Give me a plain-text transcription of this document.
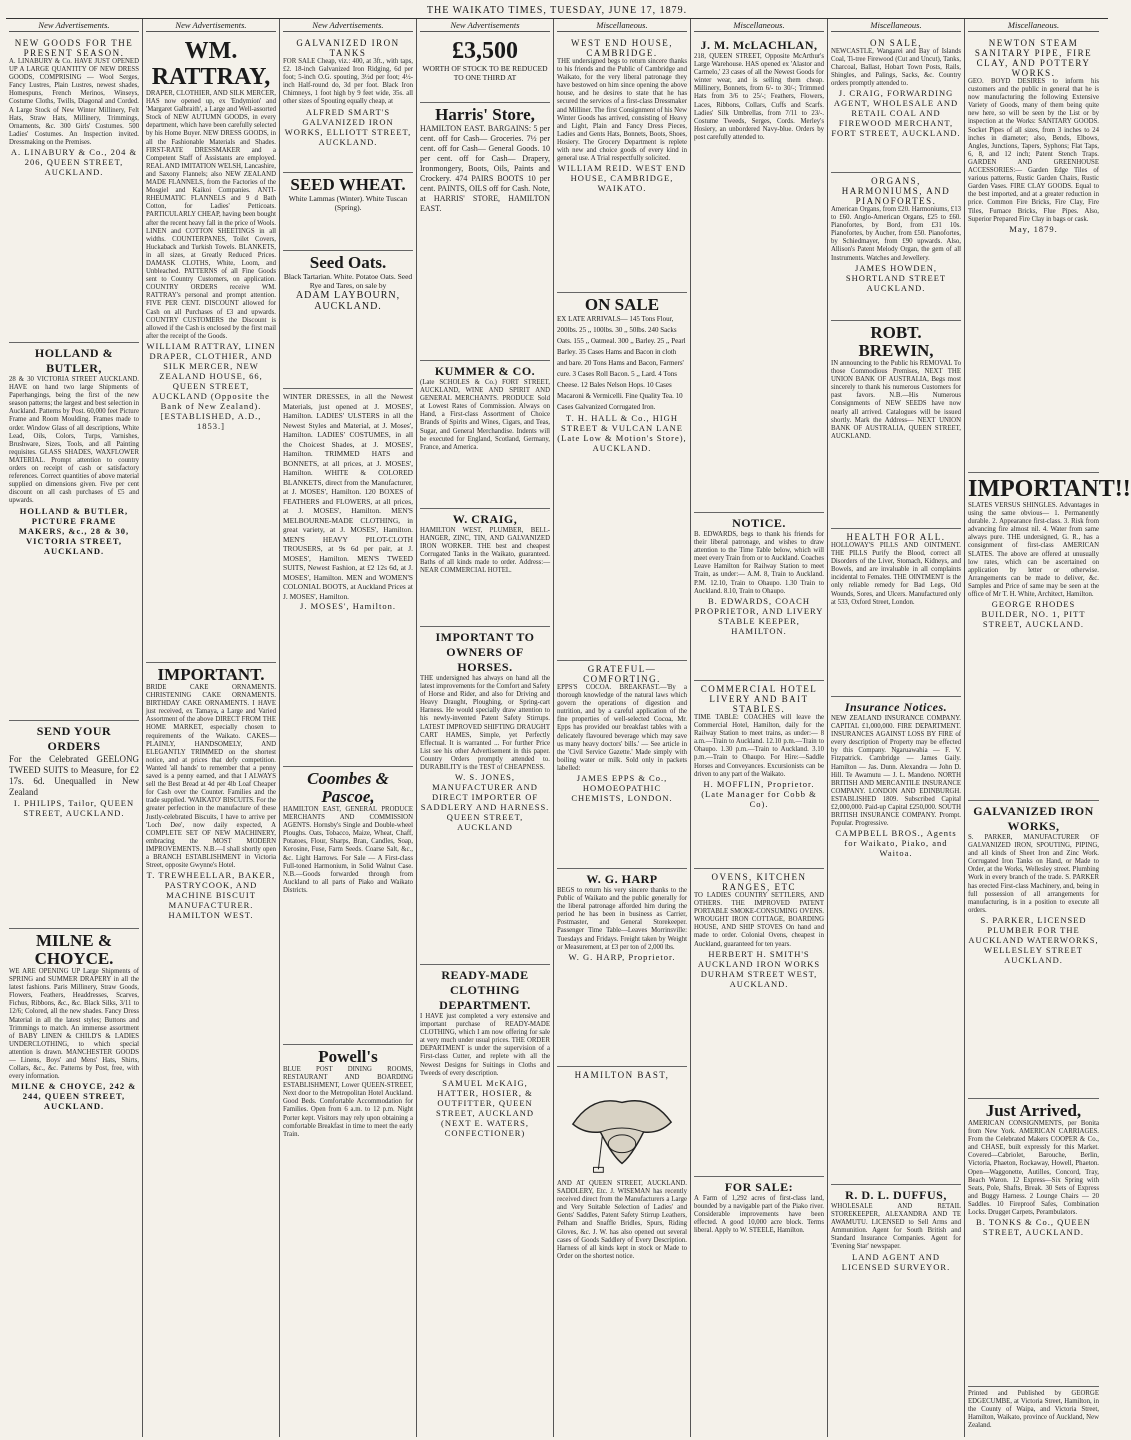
THE WAIKATO TIMES, TUESDAY, JUNE 17, 1879.
New Advertisements.
NEW GOODS FOR THE PRESENT SEASON.
A. LINABURY & Co. HAVE JUST OPENED UP A LARGE QUANTITY OF NEW DRESS GOODS, COMPRISING — Wool Serges, Fancy Lustres, Plain Lustres, newest shades, Homespuns, French Merinos, Winseys, Costume Cloths, Twills, Diagonal and Corded. A Large Stock of New Winter Millinery, Felt Hats, Straw Hats, Millinery, Trimmings, Ornaments, &c. 300 Girls' Costumes. 500 Ladies' Costumes. An Inspection invited. Dressmaking on the Premises.
A. LINABURY & Co., 204 & 206, QUEEN STREET, AUCKLAND.
HOLLAND & BUTLER,
28 & 30 VICTORIA STREET AUCKLAND. HAVE on hand two large Shipments of Paperhangings, being the first of the new season patterns; the largest and best selection in Auckland. Patterns by Post. 60,000 feet Picture Frame and Room Moulding. Frames made to order. Window Glass of all descriptions, White Lead, Oils, Colors, Turps, Varnishes, Brushware, Sizes, Tools, and all Painting requisites. GLASS SHADES, WAXFLOWER MATERIAL. Prompt attention to country orders on receipt of cash or satisfactory references. Correct quantities of above material supplied on dimensions given. Five per cent discount on all cash purchases of £5 and upwards.
HOLLAND & BUTLER, PICTURE FRAME MAKERS, &c., 28 & 30, VICTORIA STREET, AUCKLAND.
SEND YOUR ORDERS
For the Celebrated GEELONG TWEED SUITS to Measure, for £2 17s. 6d. Unequalled in New Zealand
I. PHILIPS, Tailor, QUEEN STREET, AUCKLAND.
MILNE & CHOYCE.
WE ARE OPENING UP Large Shipments of SPRING and SUMMER DRAPERY in all the latest fashions. Paris Millinery, Straw Goods, Flowers, Feathers, Headdresses, Scarves, Fichus, Ribbons, &c., &c. Black Silks, 3/11 to 12/6; Colored, all the new shades. Fancy Dress Material in all the latest styles; Buttons and Trimmings to match. An immense assortment of BABY LINEN & CHILD'S & LADIES UNDERCLOTHING, to which special attention is drawn. MANCHESTER GOODS— Linens, Boys' and Mens' Hats, Shirts, Collars, &c., &c. Patterns by Post, free, with every information.
MILNE & CHOYCE, 242 & 244, QUEEN STREET, AUCKLAND.
New Advertisements.
WM. RATTRAY,
DRAPER, CLOTHIER, AND SILK MERCER, HAS now opened up, ex 'Endymion' and 'Margaret Galbraith', a Large and Well-assorted Stock of NEW AUTUMN GOODS, in every department, which have been carefully selected by his Home Buyer. NEW DRESS GOODS, in all the Fashionable Materials and Shades. FIRST-RATE DRESSMAKER and a Competent Staff of Assistants are employed. REAL AND IMITATION WELSH, Lancashire, and Saxony Flannels; also NEW ZEALAND MADE FLANNELS, from the Factories of the Mosgiel and Kaikoi Companies. ANTI-RHEUMATIC FLANNELS and 9 d Bath Cotton, for Ladies' Petticoats. PARTICULARLY CHEAP, having been bought after the recent heavy fall in the price of Wools. LINEN and COTTON SHEETINGS in all widths. COUNTERPANES, Toilet Covers, Huckaback and Turkish Towels. BLANKETS, in all sizes, at Greatly Reduced Prices. DAMASK CLOTHS, White, Loom, and Unbleached. PATTERNS of all Fine Goods sent to Country Customers, on application. COUNTRY ORDERS receive WM. RATTRAY's personal and prompt attention. FIVE PER CENT. DISCOUNT allowed for Cash on all Purchases of £3 and upwards. COUNTRY CUSTOMERS the Discount is allowed if the Cash is enclosed by the first mail after the receipt of the Goods.
WILLIAM RATTRAY, LINEN DRAPER, CLOTHIER, AND SILK MERCER, NEW ZEALAND HOUSE, 66, QUEEN STREET, AUCKLAND (Opposite the Bank of New Zealand). [ESTABLISHED, A.D., 1853.]
IMPORTANT.
BRIDE CAKE ORNAMENTS. CHRISTENING CAKE ORNAMENTS. BIRTHDAY CAKE ORNAMENTS. I HAVE just received, ex Tamaya, a Large and Varied Assortment of the above DIRECT FROM THE HOME MARKET, especially chosen to requirements of the Waikato. CAKES—PLAINLY, HANDSOMELY, AND ELEGANTLY TRIMMED on the shortest notice, and at prices that defy competition. Wanted 'all hands' to remember that a penny saved is a penny earned, and that I ALWAYS sell the Best Bread at 4d per 4lb Loaf Cheaper for Cash over the Counter. Families and the trade supplied. 'WAIKATO' BISCUITS. For the greater perfection in the manufacture of these Justly-celebrated Biscuits, I have to arrive per 'Loch Dee', now daily expected, A COMPLETE SET OF NEW MACHINERY, embracing the MOST MODERN IMPROVEMENTS. N.B.—I shall shortly open a BRANCH ESTABLISHMENT in Victoria Street, opposite Gwynne's Hotel.
T. TREWHEELLAR, BAKER, PASTRYCOOK, AND MACHINE BISCUIT MANUFACTURER. HAMILTON WEST.
New Advertisements.
GALVANIZED IRON TANKS
FOR SALE Cheap, viz.: 400, at 3ft., with taps, £2. 18-inch Galvanized Iron Ridging, 6d per foot; 5-inch O.G. spouting, 3½d per foot; 4½-inch Half-round do, 3d per foot. Black Iron Chimneys, 1 foot high by 9 feet wide, 35s. all other sizes of Spouting equally cheap, at
ALFRED SMART'S GALVANIZED IRON WORKS, ELLIOTT STREET, AUCKLAND.
SEED WHEAT.
White Lammas (Winter). White Tuscan (Spring).
Seed Oats.
Black Tartarian. White. Potatoe Oats. Seed Rye and Tares, on sale by
ADAM LAYBOURN, AUCKLAND.
WINTER DRESSES, in all the Newest Materials, just opened at J. MOSES', Hamilton. LADIES' ULSTERS in all the Newest Styles and Material, at J. Moses', Hamilton. LADIES' COSTUMES, in all the Choicest Shades, at J. MOSES', Hamilton. TRIMMED HATS and BONNETS, at all prices, at J. MOSES', Hamilton. WHITE & COLORED BLANKETS, direct from the Manufacturer, at J. MOSES', Hamilton. 120 BOXES of FEATHERS and FLOWERS, at all prices, at J. MOSES', Hamilton. MEN'S MELBOURNE-MADE CLOTHING, in great variety, at J. MOSES', Hamilton. MEN'S HEAVY PILOT-CLOTH TROUSERS, at 9s 6d per pair, at J. MOSES', Hamilton. MEN'S TWEED SUITS, Newest Fashion, at £2 12s 6d, at J. MOSES', Hamilton. MEN and WOMEN'S COLONIAL BOOTS, at Auckland Prices at J. MOSES', Hamilton.
J. MOSES', Hamilton.
Coombes & Pascoe,
HAMILTON EAST, GENERAL PRODUCE MERCHANTS AND COMMISSION AGENTS. Hornsby's Single and Double-wheel Ploughs. Oats, Tobacco, Maize, Wheat, Chaff, Potatoes, Flour, Sharps, Bran, Candles, Soap, Kerosine, Fuse, Farm Seeds. Coarse Salt, &c., &c. Light Harrows. For Sale — A First-class Full-toned Harmonium, in Solid Walnut Case. N.B.—Goods forwarded through from Auckland to all parts of Piako and Waikato Districts.
Powell's
BLUE POST DINING ROOMS, RESTAURANT AND BOARDING ESTABLISHMENT, Lower QUEEN-STREET, Next door to the Metropolitan Hotel Auckland. Good Beds. Comfortable Accommodation for Families. Open from 6 a.m. to 12 p.m. Night Porter kept. Visitors may rely upon obtaining a comfortable Breakfast in time to meet the early Train.
New Advertisements
£3,500
WORTH OF STOCK TO BE REDUCED TO ONE THIRD AT
Harris' Store,
HAMILTON EAST. BARGAINS: 5 per cent. off for Cash— Groceries. 7½ per cent. off for Cash— General Goods. 10 per cent. off for Cash— Drapery, Ironmongery, Boots, Oils, Paints and Crockery. 474 PAIRS BOOTS 10 per cent. PAINTS, OILS off for Cash. Note, at HARRIS' STORE, HAMILTON EAST.
KUMMER & CO.
(Late SCHOLES & Co.) FORT STREET, AUCKLAND, WINE AND SPIRIT AND GENERAL MERCHANTS. PRODUCE Sold at Lowest Rates of Commission. Always on Hand, a First-class Assortment of Choice Brands of Spirits and Wines, Cigars, and Teas, Sugar, and General Merchandise. Indents will be executed for England, Scotland, Germany, France, and America.
W. CRAIG,
HAMILTON WEST, PLUMBER, BELL-HANGER, ZINC, TIN, AND GALVANIZED IRON WORKER. THE best and cheapest Corrugated Tanks in the Waikato, guaranteed. Baths of all kinds made to order. Address:—NEAR COMMERCIAL HOTEL.
IMPORTANT TO OWNERS OF HORSES.
THE undersigned has always on hand all the latest improvements for the Comfort and Safety of Horse and Rider, and also for Driving and Heavy Draught, Ploughing, or Spring-cart Harness. He would specially draw attention to his newly-invented Patent Safety Stirrups. LATEST IMPROVED SHIFTING DRAUGHT CART HAMES, Simple, yet Perfectly Effectual. It is warranted ... For further Price List see his other Advertisement in this paper. Country Orders promptly attended to. DURABILITY is the TEST of CHEAPNESS.
W. S. JONES, MANUFACTURER AND DIRECT IMPORTER OF SADDLERY AND HARNESS. QUEEN STREET, AUCKLAND
READY-MADE CLOTHING DEPARTMENT.
I HAVE just completed a very extensive and important purchase of READY-MADE CLOTHING, which I am now offering for sale at very much under usual prices. THE ORDER DEPARTMENT is under the supervision of a First-class Cutter, and replete with all the Newest Designs for Suitings in Cloths and Tweeds of every description.
SAMUEL McKAIG, HATTER, HOSIER, & OUTFITTER, QUEEN STREET, AUCKLAND (NEXT E. WATERS, CONFECTIONER)
Miscellaneous.
WEST END HOUSE, CAMBRIDGE.
THE undersigned begs to return sincere thanks to his friends and the Public of Cambridge and Waikato, for the very liberal patronage they have bestowed on him since opening the above house, and he desires to state that he has secured the services of a first-class Dressmaker and Milliner. The first Consignment of his New Winter Goods has arrived, consisting of Heavy and Light, Plain and Fancy Dress Pieces, Ladies and Gents Hats, Bonnets, Boots, Shoes, Hosiery. The Grocery Department is replete with new and choice goods of every kind in general use. A Trial respectfully solicited.
WILLIAM REID. WEST END HOUSE, CAMBRIDGE, WAIKATO.
ON SALE
EX LATE ARRIVALS— 145 Tons Flour, 200lbs. 25 ,, 100lbs. 30 ,, 50lbs. 240 Sacks Oats. 155 ,, Oatmeal. 300 ,, Barley. 25 ,, Pearl Barley. 35 Cases Hams and Bacon in cloth and bare. 20 Tons Hams and Bacon, Farmers' cure. 3 Cases Roll Bacon. 5 ,, Lard. 4 Tons Cheese. 12 Bales Nelson Hops. 10 Cases Macaroni & Vermicelli. Fine Quality Tea. 10 Cases Galvanized Corrugated Iron.
T. H. HALL & Co., HIGH STREET & VULCAN LANE (Late Low & Motion's Store), AUCKLAND.
GRATEFUL—COMFORTING.
EPPS'S COCOA. BREAKFAST.—'By a thorough knowledge of the natural laws which govern the operations of digestion and nutrition, and by a careful application of the fine properties of well-selected Cocoa, Mr. Epps has provided our breakfast tables with a delicately flavoured beverage which may save us many heavy doctors' bills.' — See article in the 'Civil Service Gazette.' Made simply with boiling water or milk. Sold only in packets labelled:
JAMES EPPS & Co., HOMOEOPATHIC CHEMISTS, LONDON.
W. G. HARP
BEGS to return his very sincere thanks to the Public of Waikato and the public generally for the liberal patronage afforded him during the period he has been in business as Carrier, Postmaster, and General Storekeeper. Passenger Time Table—Leaves Morrinsville: Tuesdays and Fridays. Freight taken by Weight or Measurement, at £3 per ton of 2,000 lbs.
W. G. HARP, Proprietor.
HAMILTON BAST,
AND AT QUEEN STREET, AUCKLAND. SADDLERY, Etc. J. WISEMAN has recently received direct from the Manufacturers a Large and Very Suitable Selection of Ladies' and Gents' Saddles, Patent Safety Stirrup Leathers, Pelham and Snaffle Bridles, Spurs, Riding Gloves, &c. J. W. has also opened out several cases of Goods Saddlery of Every Description. Harness of all kinds kept in stock or Made to Order on the shortest notice.
Miscellaneous.
J. M. McLACHLAN,
218, QUEEN STREET, Opposite McArthur's Large Warehouse. HAS opened ex 'Alastor and Carmelo,' 23 cases of all the Newest Goods for winter wear, and is selling them cheap. Millinery, Bonnets, from 6/- to 30/-; Trimmed Hats from 3/6 to 25/-; Feathers, Flowers, Laces, Ribbons, Collars, Cuffs and Scarfs. Ladies' Silk Umbrellas, from 7/11 to 23/-. Costume Tweeds, Serges, Cords. Merley's Hosiery, an unbordered Navy-blue. Orders by post carefully attended to.

NOTICE.
B. EDWARDS, begs to thank his friends for their liberal patronage, and wishes to draw attention to the Time Table below, which will meet every Train from or to Auckland. Coaches Leave Hamilton for Railway Station to meet Train, as under:— A.M. 8, Train to Auckland. P.M. 12.10, Train to Ohaupo. 1.30 Train to Auckland. 8.10, Train to Ohaupo.
B. EDWARDS, COACH PROPRIETOR, AND LIVERY STABLE KEEPER, HAMILTON.
COMMERCIAL HOTEL LIVERY AND BAIT STABLES.
TIME TABLE: COACHES will leave the Commercial Hotel, Hamilton, daily for the Railway Station to meet trains, as under:— 8 a.m.—Train to Auckland. 12.10 p.m.—Train to Ohaupo. 1.30 p.m.—Train to Auckland. 3.10 p.m.—Train to Ohaupo. For Hire:—Saddle Horses and Conveyances. Excursionists can be driven to any part of the Waikato.
H. MOFFLIN, Proprietor. (Late Manager for Cobb & Co).
OVENS, KITCHEN RANGES, ETC
TO LADIES COUNTRY SETTLERS, AND OTHERS. THE IMPROVED PATENT PORTABLE SMOKE-CONSUMING OVENS. WROUGHT IRON COTTAGE, BOARDING HOUSE, AND SHIP STOVES On hand and made to order. Colonial Ovens, cheapest in Auckland, guaranteed for ten years.
HERBERT H. SMITH'S AUCKLAND IRON WORKS DURHAM STREET WEST, AUCKLAND.
FOR SALE:
A Farm of 1,292 acres of first-class land, bounded by a navigable part of the Piako river. Considerable improvements have been effected. A good 10,000 acre block. Terms liberal. Apply to W. STEELE, Hamilton.
Miscellaneous.
ON SALE,
NEWCASTLE, Wangarei and Bay of Islands Coal, Ti-tree Firewood (Cut and Uncut), Tanks, Charcoal, Ballast, Hobart Town Posts, Rails, Shingles, and Palings, Sacks, &c. Country orders promptly attended to.
J. CRAIG, FORWARDING AGENT, WHOLESALE AND RETAIL COAL AND FIREWOOD MERCHANT, FORT STREET, AUCKLAND.
ORGANS, HARMONIUMS, AND PIANOFORTES.
American Organs, from £20. Harmoniums, £13 to £60. Anglo-American Organs, £25 to £60. Pianofortes, by Bord, from £31 10s. Pianofortes, by Aucher, from £50. Pianofortes, by Schiedmayer, from £90 upwards. Also, Allison's Patent Melody Organ, the gem of all Instruments. Watches and Jewellery.
JAMES HOWDEN, SHORTLAND STREET AUCKLAND.
ROBT. BREWIN,
IN announcing to the Public his REMOVAL To those Commodious Premises, NEXT THE UNION BANK OF AUSTRALIA, Begs most sincerely to thank his numerous Customers for past favors. N.B.—His Numerous Consignments of NEW SEEDS have now nearly all arrived. Catalogues will be issued shortly. Mark the Address— NEXT UNION BANK OF AUSTRALIA, QUEEN STREET, AUCKLAND.
HEALTH FOR ALL.
HOLLOWAY'S PILLS AND OINTMENT. THE PILLS Purify the Blood, correct all Disorders of the Liver, Stomach, Kidneys, and Bowels, and are invaluable in all complaints incidental to Females. THE OINTMENT is the only reliable remedy for Bad Legs, Old Wounds, Sores, and Ulcers. Manufactured only at 533, Oxford Street, London.
Insurance Notices.
NEW ZEALAND INSURANCE COMPANY. CAPITAL £1,000,000. FIRE DEPARTMENT. INSURANCES AGAINST LOSS BY FIRE of every description of Property may be effected by this Company. Ngaruawahia — F. V. Fitzpatrick. Cambridge — James Gaily. Hamilton — Jas. Dunn. Alexandra — John D. Hill. Te Awamutu — J. L. Mandeno. NORTH BRITISH AND MERCANTILE INSURANCE COMPANY. LONDON AND EDINBURGH. ESTABLISHED 1809. Subscribed Capital £2,000,000. Paid-up Capital £250,000. SOUTH BRITISH INSURANCE COMPANY. Prompt. Popular. Progressive.
CAMPBELL BROS., Agents for Waikato, Piako, and Waitoa.
R. D. L. DUFFUS,
WHOLESALE AND RETAIL STOREKEEPER, ALEXANDRA AND TE AWAMUTU. LICENSED to Sell Arms and Ammunition. Agent for South British and Standard Insurance Companies. Agent for 'Evening Star' newspaper.
LAND AGENT AND LICENSED SURVEYOR.
Miscellaneous.
NEWTON STEAM SANITARY PIPE, FIRE CLAY, AND POTTERY WORKS.
GEO. BOYD DESIRES to inform his customers and the public in general that he is now manufacturing the following Extensive Variety of Goods, many of them being quite new here, so will be seen by the List or by inspection at the Works: SANITARY GOODS. Socket Pipes of all sizes, from 3 inches to 24 inches in diameter; also, Bends, Elbows, Angles, Junctions, Tapers, Syphons; Flat Taps, 6, 8, and 12 inch; Patent Stench Traps. GARDEN AND GREENHOUSE ACCESSORIES:— Garden Edge Tiles of various patterns, Rustic Garden Chairs, Rustic Garden Vases. FIRE CLAY GOODS. Equal to the best imported, and at a greater reduction in price. Common Fire Bricks, Fire Clay, Fire Tiles, Furnace Bricks, Flue Pipes. Also, Superior Prepared Fire Clay in bags or cask.
May, 1879.
IMPORTANT!!
SLATES VERSUS SHINGLES. Advantages in using the same obvious— 1. Permanently durable. 2. Appearance first-class. 3. Risk from advancing fire almost nil. 4. Water from same always pure. THE undersigned, G. R., has a consignment of first-class AMERICAN SLATES. The above are offered at unusually low rates, which can be ascertained on application by letter or otherwise. Arrangements can be made to deliver, &c. Samples and Price of same may be seen at the office of Mr T. H. White, Architect, Hamilton.
GEORGE RHODES BUILDER, NO. 1, PITT STREET, AUCKLAND.
GALVANIZED IRON WORKS,
S. PARKER, MANUFACTURER OF GALVANIZED IRON, SPOUTING, PIPING, and all kinds of Sheet Iron and Zinc Work. Corrugated Iron Tanks on Hand, or Made to Order, at the Works, Wellesley street. Plumbing Work in every branch of the trade. S. PARKER has erected First-class Machinery, and, being in full possession of all arrangements for manufacturing, is in a position to execute all orders.
S. PARKER, LICENSED PLUMBER FOR THE AUCKLAND WATERWORKS, WELLESLEY STREET AUCKLAND.
Just Arrived,
AMERICAN CONSIGNMENTS, per Bonita from New York. AMERICAN CARRIAGES. From the Celebrated Makers COOPER & Co., and CHASE, built expressly for this Market. Covered—Cabriolet, Barouche, Berlin, Victoria, Phaeton, Rockaway, Howell, Phaeton. Open—Waggonette, Autilles, Concord, Tray, Beach Waron. 12 Express—Six Spring with Seats, Pole, Shafts, Break. 30 Sets of Express and Buggy Harness. 2 Lounge Chairs — 20 Saddles. 10 Fireproof Safes, Combination Locks. Drugget Carpets, Perambulators.
B. TONKS & Co., QUEEN STREET, AUCKLAND.
Printed and Published by GEORGE EDGECUMBE, at Victoria Street, Hamilton, in the County of Waipa, and Victoria Street, Hamilton, Waikato, province of Auckland, New Zealand.
